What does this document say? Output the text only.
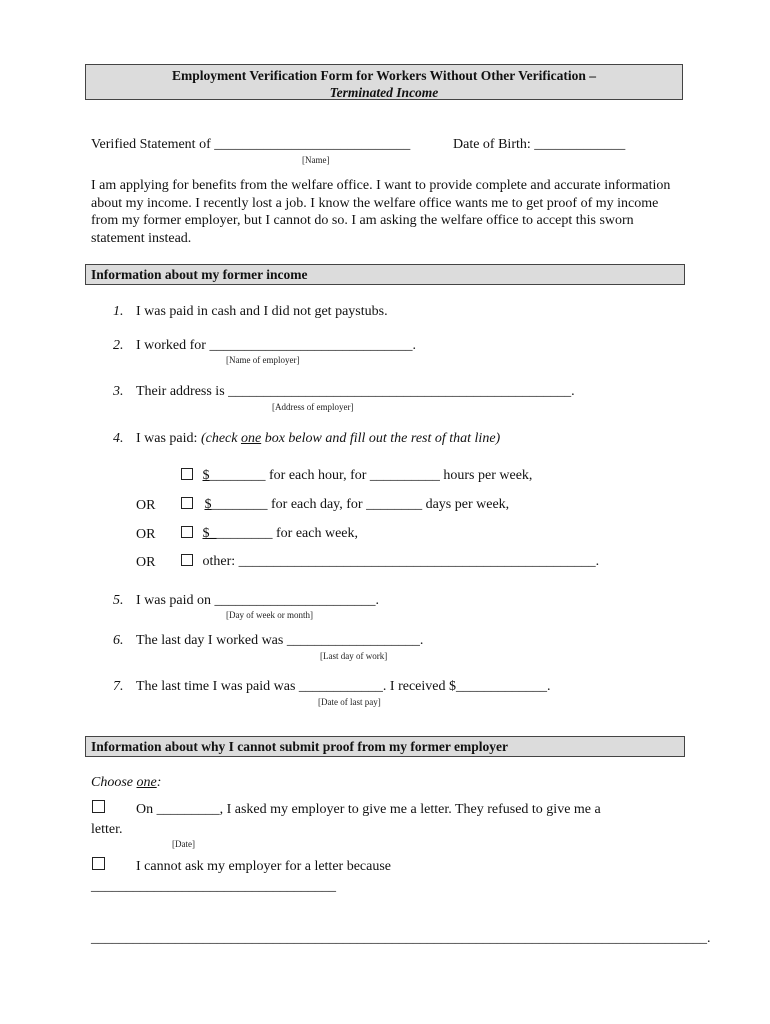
Employment Verification Form for Workers Without Other Verification –
Terminated Income
Verified Statement of ____________________________
[Name]
Date of Birth: _____________
I am applying for benefits from the welfare office. I want to provide complete and accurate information about my income. I recently lost a job. I know the welfare office wants me to get proof of my income from my former employer, but I cannot do so. I am asking the welfare office to accept this sworn statement instead.
Information about my former income
1. I was paid in cash and I did not get paystubs.
2. I worked for _____________________________.
[Name of employer]
3. Their address is _________________________________________________.
[Address of employer]
4. I was paid: (check one box below and fill out the rest of that line)
$________ for each hour, for __________ hours per week,
OR	$________ for each day, for ________ days per week,
OR	$_________ for each week,
OR	other: ___________________________________________________.
5. I was paid on _______________________.
[Day of week or month]
6. The last day I worked was ___________________.
[Last day of work]
7. The last time I was paid was ____________. I received $_____________.
[Date of last pay]
Information about why I cannot submit proof from my former employer
Choose one:
On _________, I asked my employer to give me a letter. They refused to give me a
letter.
[Date]
I cannot ask my employer for a letter because
___________________________________
________________________________________________________________________________________.
